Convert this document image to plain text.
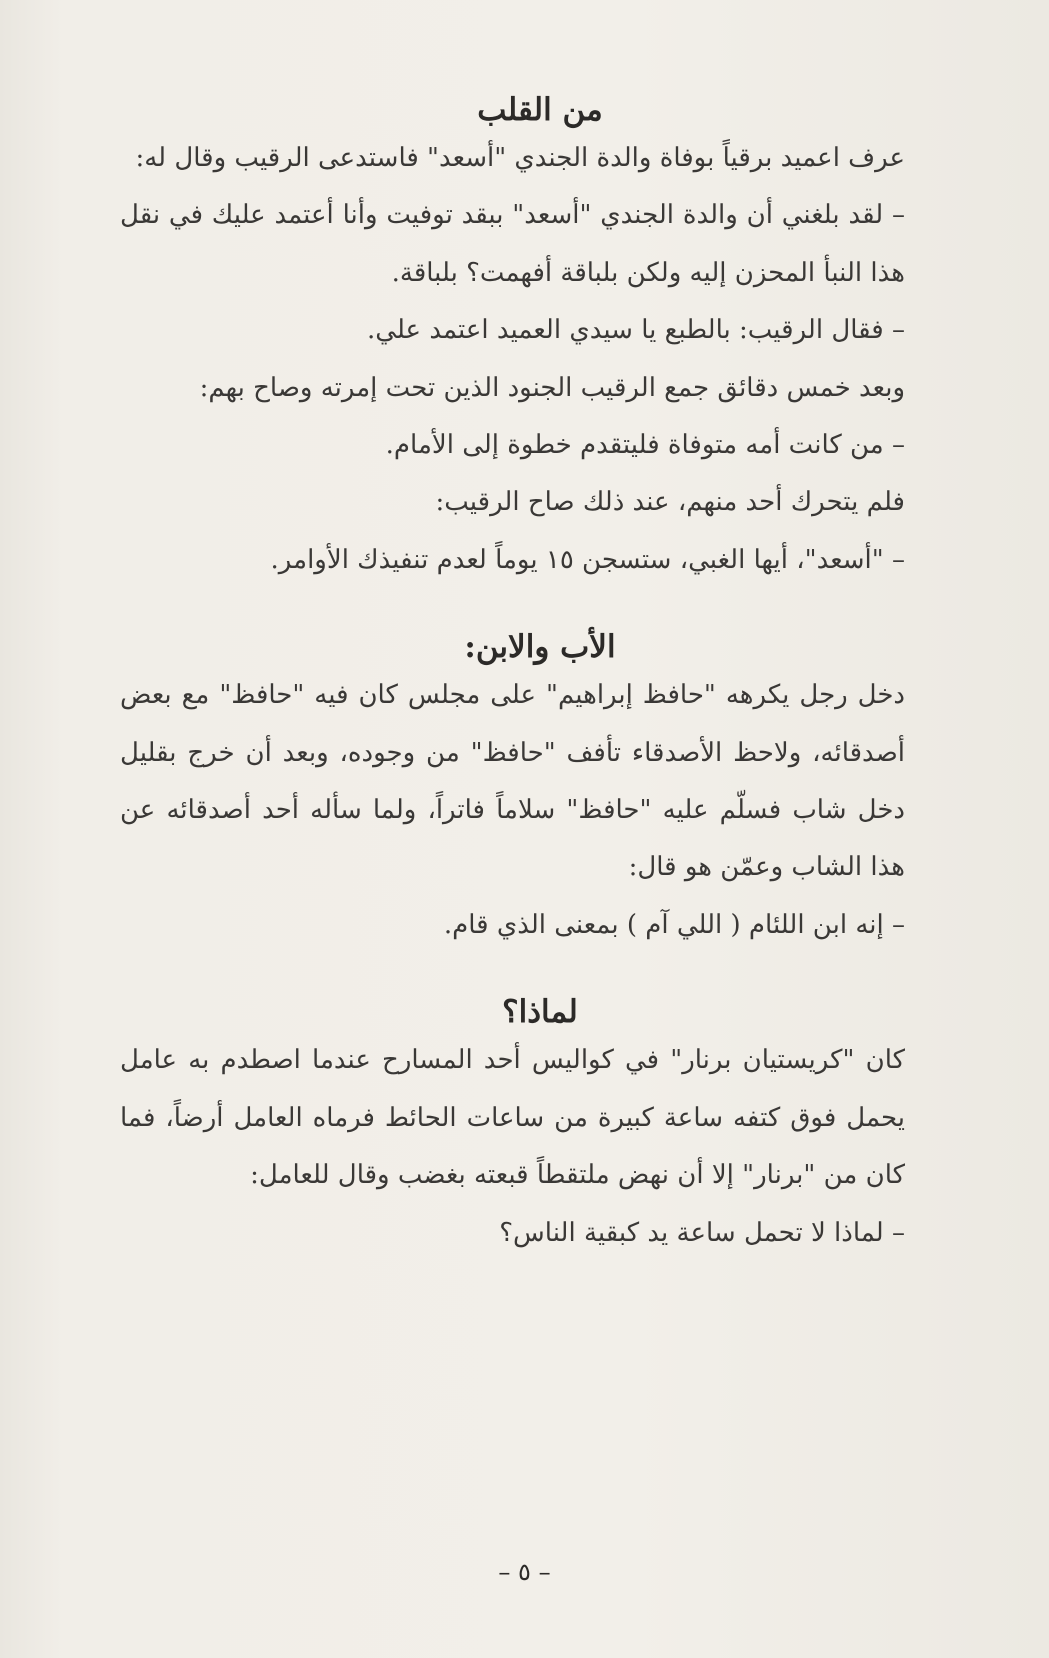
من القلب

عرف اعميد برقياً بوفاة والدة الجندي "أسعد" فاستدعى الرقيب وقال له:

– لقد بلغني أن والدة الجندي "أسعد" ببقد توفيت وأنا أعتمد عليك في نقل هذا النبأ المحزن إليه ولكن بلباقة أفهمت؟ بلباقة.

– فقال الرقيب: بالطبع يا سيدي العميد اعتمد علي.

وبعد خمس دقائق جمع الرقيب الجنود الذين تحت إمرته وصاح بهم:

– من كانت أمه متوفاة فليتقدم خطوة إلى الأمام.

فلم يتحرك أحد منهم، عند ذلك صاح الرقيب:

– "أسعد"، أيها الغبي، ستسجن ١٥ يوماً لعدم تنفيذك الأوامر.

الأب والابن:

دخل رجل يكرهه "حافظ إبراهيم" على مجلس كان فيه "حافظ" مع بعض أصدقائه، ولاحظ الأصدقاء تأفف "حافظ" من وجوده، وبعد أن خرج بقليل دخل شاب فسلّم عليه "حافظ" سلاماً فاتراً، ولما سأله أحد أصدقائه عن هذا الشاب وعمّن هو قال:

– إنه ابن اللئام ( اللي آم ) بمعنى الذي قام.

لماذا؟

كان "كريستيان برنار" في كواليس أحد المسارح عندما اصطدم به عامل يحمل فوق كتفه ساعة كبيرة من ساعات الحائط فرماه العامل أرضاً، فما كان من "برنار" إلا أن نهض ملتقطاً قبعته بغضب وقال للعامل:

– لماذا لا تحمل ساعة يد كبقية الناس؟

– ٥ –
